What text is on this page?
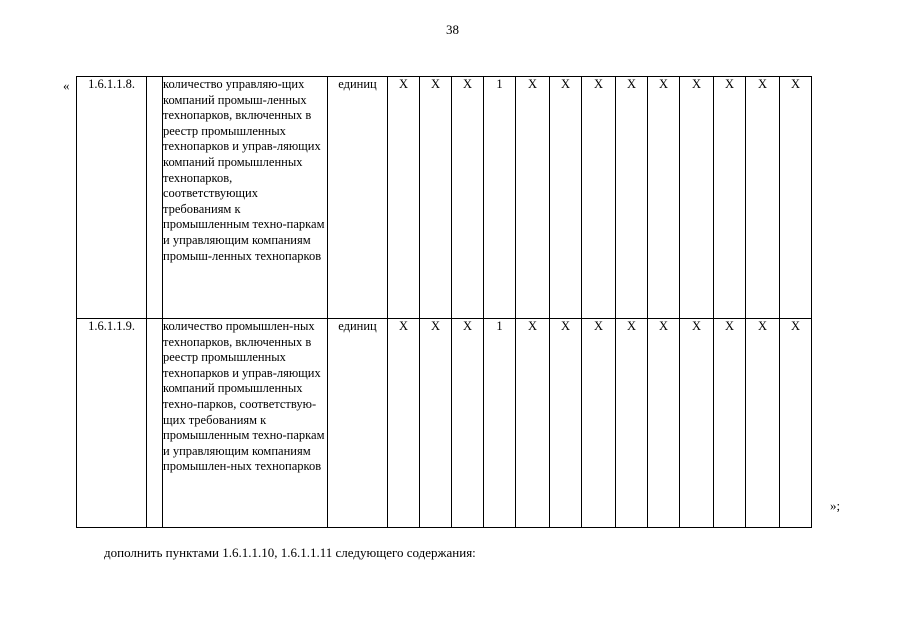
38
« 1.6.1.1.8.		количество управляю-щих компаний промыш-ленных технопарков, включенных в реестр промышленных технопарков и управ-ляющих компаний промышленных технопарков, соответствующих требованиям к промышленным техно-паркам и управляющим компаниям промыш-ленных технопарков	единиц	X	X	X	1	X	X	X	X	X	X	X	X	X
1.6.1.1.9.		количество промышлен-ных технопарков, включенных в реестр промышленных технопарков и управ-ляющих компаний промышленных техно-парков, соответствую-щих требованиям к промышленным техно-паркам и управляющим компаниям промышлен-ных технопарков	единиц	X	X	X	1	X	X	X	X	X	X	X	X	X
»;
дополнить пунктами 1.6.1.1.10, 1.6.1.1.11 следующего содержания:
